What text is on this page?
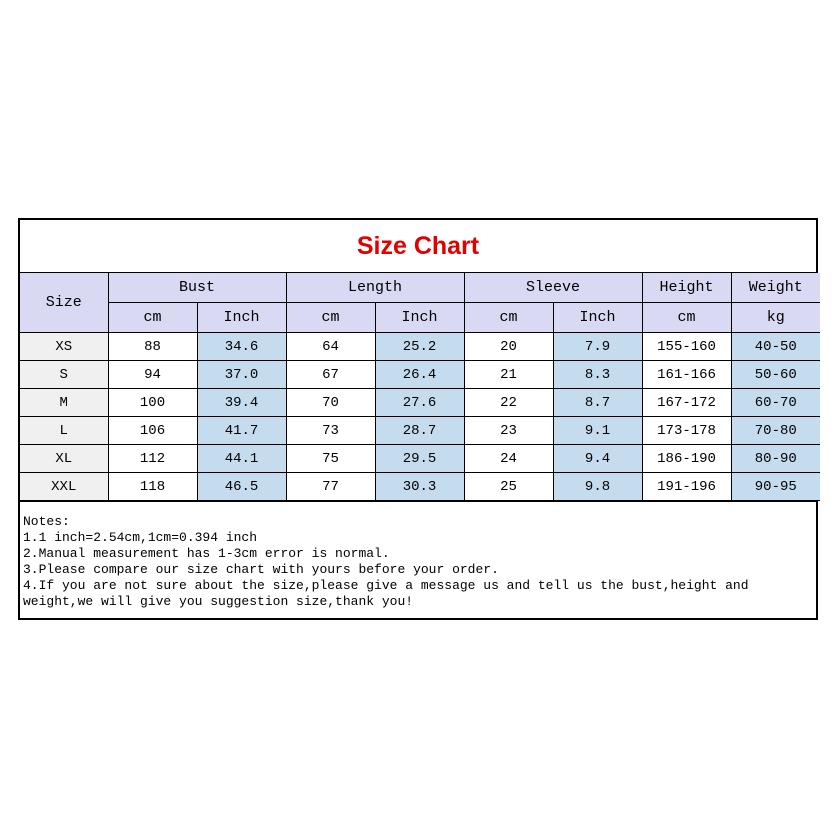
Size Chart
Size	Bust		Length		Sleeve		Height	Weight
	cm	Inch	cm	Inch	cm	Inch	cm	kg
XS	88	34.6	64	25.2	20	7.9	155-160	40-50
S	94	37.0	67	26.4	21	8.3	161-166	50-60
M	100	39.4	70	27.6	22	8.7	167-172	60-70
L	106	41.7	73	28.7	23	9.1	173-178	70-80
XL	112	44.1	75	29.5	24	9.4	186-190	80-90
XXL	118	46.5	77	30.3	25	9.8	191-196	90-95
Notes:
1.1 inch=2.54cm,1cm=0.394 inch
2.Manual measurement has 1-3cm error is normal.
3.Please compare our size chart with yours before your order.
4.If you are not sure about the size,please give a message us and tell us the bust,height and weight,we will give you suggestion size,thank you!
